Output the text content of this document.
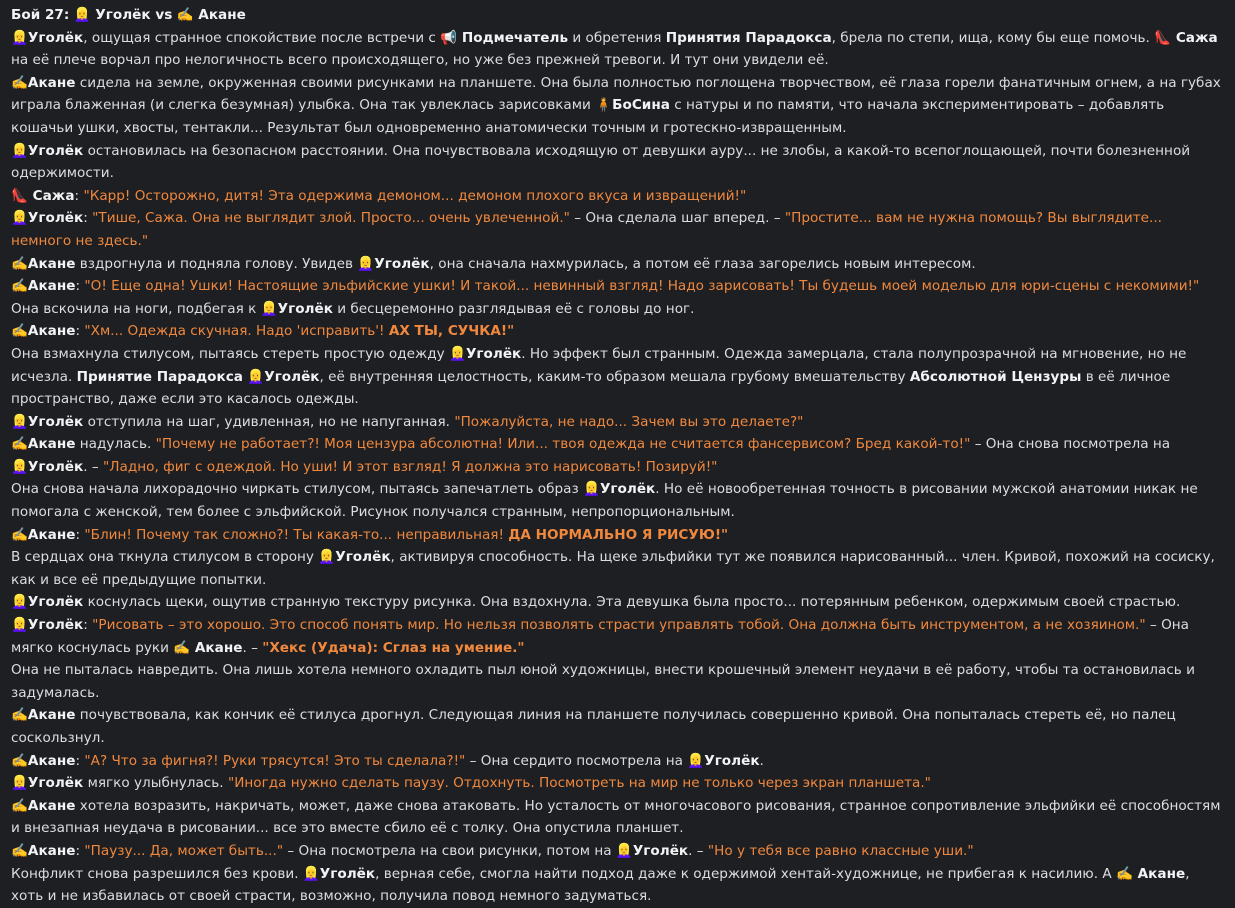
Бой 27: 👱‍♀️ Уголёк vs ✍️ Акане
👱‍♀️Уголёк, ощущая странное спокойствие после встречи с 📢 Подмечатель и обретения Принятия Парадокса, брела по степи, ища, кому бы еще помочь. 👠 Сажа на её плече ворчал про нелогичность всего происходящего, но уже без прежней тревоги. И тут они увидели её.
✍️Акане сидела на земле, окруженная своими рисунками на планшете. Она была полностью поглощена творчеством, её глаза горели фанатичным огнем, а на губах играла блаженная (и слегка безумная) улыбка. Она так увлеклась зарисовками 🧍БоСина с натуры и по памяти, что начала экспериментировать – добавлять кошачьи ушки, хвосты, тентакли... Результат был одновременно анатомически точным и гротескно-извращенным.
👱‍♀️Уголёк остановилась на безопасном расстоянии. Она почувствовала исходящую от девушки ауру... не злобы, а какой-то всепоглощающей, почти болезненной одержимости.
👠 Сажа: "Карр! Осторожно, дитя! Эта одержима демоном... демоном плохого вкуса и извращений!"
👱‍♀️Уголёк: "Тише, Сажа. Она не выглядит злой. Просто... очень увлеченной." – Она сделала шаг вперед. – "Простите... вам не нужна помощь? Вы выглядите... немного не здесь."
✍️Акане вздрогнула и подняла голову. Увидев 👱‍♀️Уголёк, она сначала нахмурилась, а потом её глаза загорелись новым интересом.
✍️Акане: "О! Еще одна! Ушки! Настоящие эльфийские ушки! И такой... невинный взгляд! Надо зарисовать! Ты будешь моей моделью для юри-сцены с некомими!"
Она вскочила на ноги, подбегая к 👱‍♀️Уголёк и бесцеремонно разглядывая её с головы до ног.
✍️Акане: "Хм... Одежда скучная. Надо 'исправить'! АХ ТЫ, СУЧКА!"
Она взмахнула стилусом, пытаясь стереть простую одежду 👱‍♀️Уголёк. Но эффект был странным. Одежда замерцала, стала полупрозрачной на мгновение, но не исчезла. Принятие Парадокса 👱‍♀️Уголёк, её внутренняя целостность, каким-то образом мешала грубому вмешательству Абсолютной Цензуры в её личное пространство, даже если это касалось одежды.
👱‍♀️Уголёк отступила на шаг, удивленная, но не напуганная. "Пожалуйста, не надо... Зачем вы это делаете?"
✍️Акане надулась. "Почему не работает?! Моя цензура абсолютна! Или... твоя одежда не считается фансервисом? Бред какой-то!" – Она снова посмотрела на 👱‍♀️Уголёк. – "Ладно, фиг с одеждой. Но уши! И этот взгляд! Я должна это нарисовать! Позируй!"
Она снова начала лихорадочно чиркать стилусом, пытаясь запечатлеть образ 👱‍♀️Уголёк. Но её новообретенная точность в рисовании мужской анатомии никак не помогала с женской, тем более с эльфийской. Рисунок получался странным, непропорциональным.
✍️Акане: "Блин! Почему так сложно?! Ты какая-то... неправильная! ДА НОРМАЛЬНО Я РИСУЮ!"
В сердцах она ткнула стилусом в сторону 👱‍♀️Уголёк, активируя способность. На щеке эльфийки тут же появился нарисованный... член. Кривой, похожий на сосиску, как и все её предыдущие попытки.
👱‍♀️Уголёк коснулась щеки, ощутив странную текстуру рисунка. Она вздохнула. Эта девушка была просто... потерянным ребенком, одержимым своей страстью.
👱‍♀️Уголёк: "Рисовать – это хорошо. Это способ понять мир. Но нельзя позволять страсти управлять тобой. Она должна быть инструментом, а не хозяином." – Она мягко коснулась руки ✍️ Акане. – "Хекс (Удача): Сглаз на умение."
Она не пыталась навредить. Она лишь хотела немного охладить пыл юной художницы, внести крошечный элемент неудачи в её работу, чтобы та остановилась и задумалась.
✍️Акане почувствовала, как кончик её стилуса дрогнул. Следующая линия на планшете получилась совершенно кривой. Она попыталась стереть её, но палец соскользнул.
✍️Акане: "А? Что за фигня?! Руки трясутся! Это ты сделала?!" – Она сердито посмотрела на 👱‍♀️Уголёк.
👱‍♀️Уголёк мягко улыбнулась. "Иногда нужно сделать паузу. Отдохнуть. Посмотреть на мир не только через экран планшета."
✍️Акане хотела возразить, накричать, может, даже снова атаковать. Но усталость от многочасового рисования, странное сопротивление эльфийки её способностям и внезапная неудача в рисовании... все это вместе сбило её с толку. Она опустила планшет.
✍️Акане: "Паузу... Да, может быть..." – Она посмотрела на свои рисунки, потом на 👱‍♀️Уголёк. – "Но у тебя все равно классные уши."
Конфликт снова разрешился без крови. 👱‍♀️Уголёк, верная себе, смогла найти подход даже к одержимой хентай-художнице, не прибегая к насилию. А ✍️ Акане, хоть и не избавилась от своей страсти, возможно, получила повод немного задуматься.
